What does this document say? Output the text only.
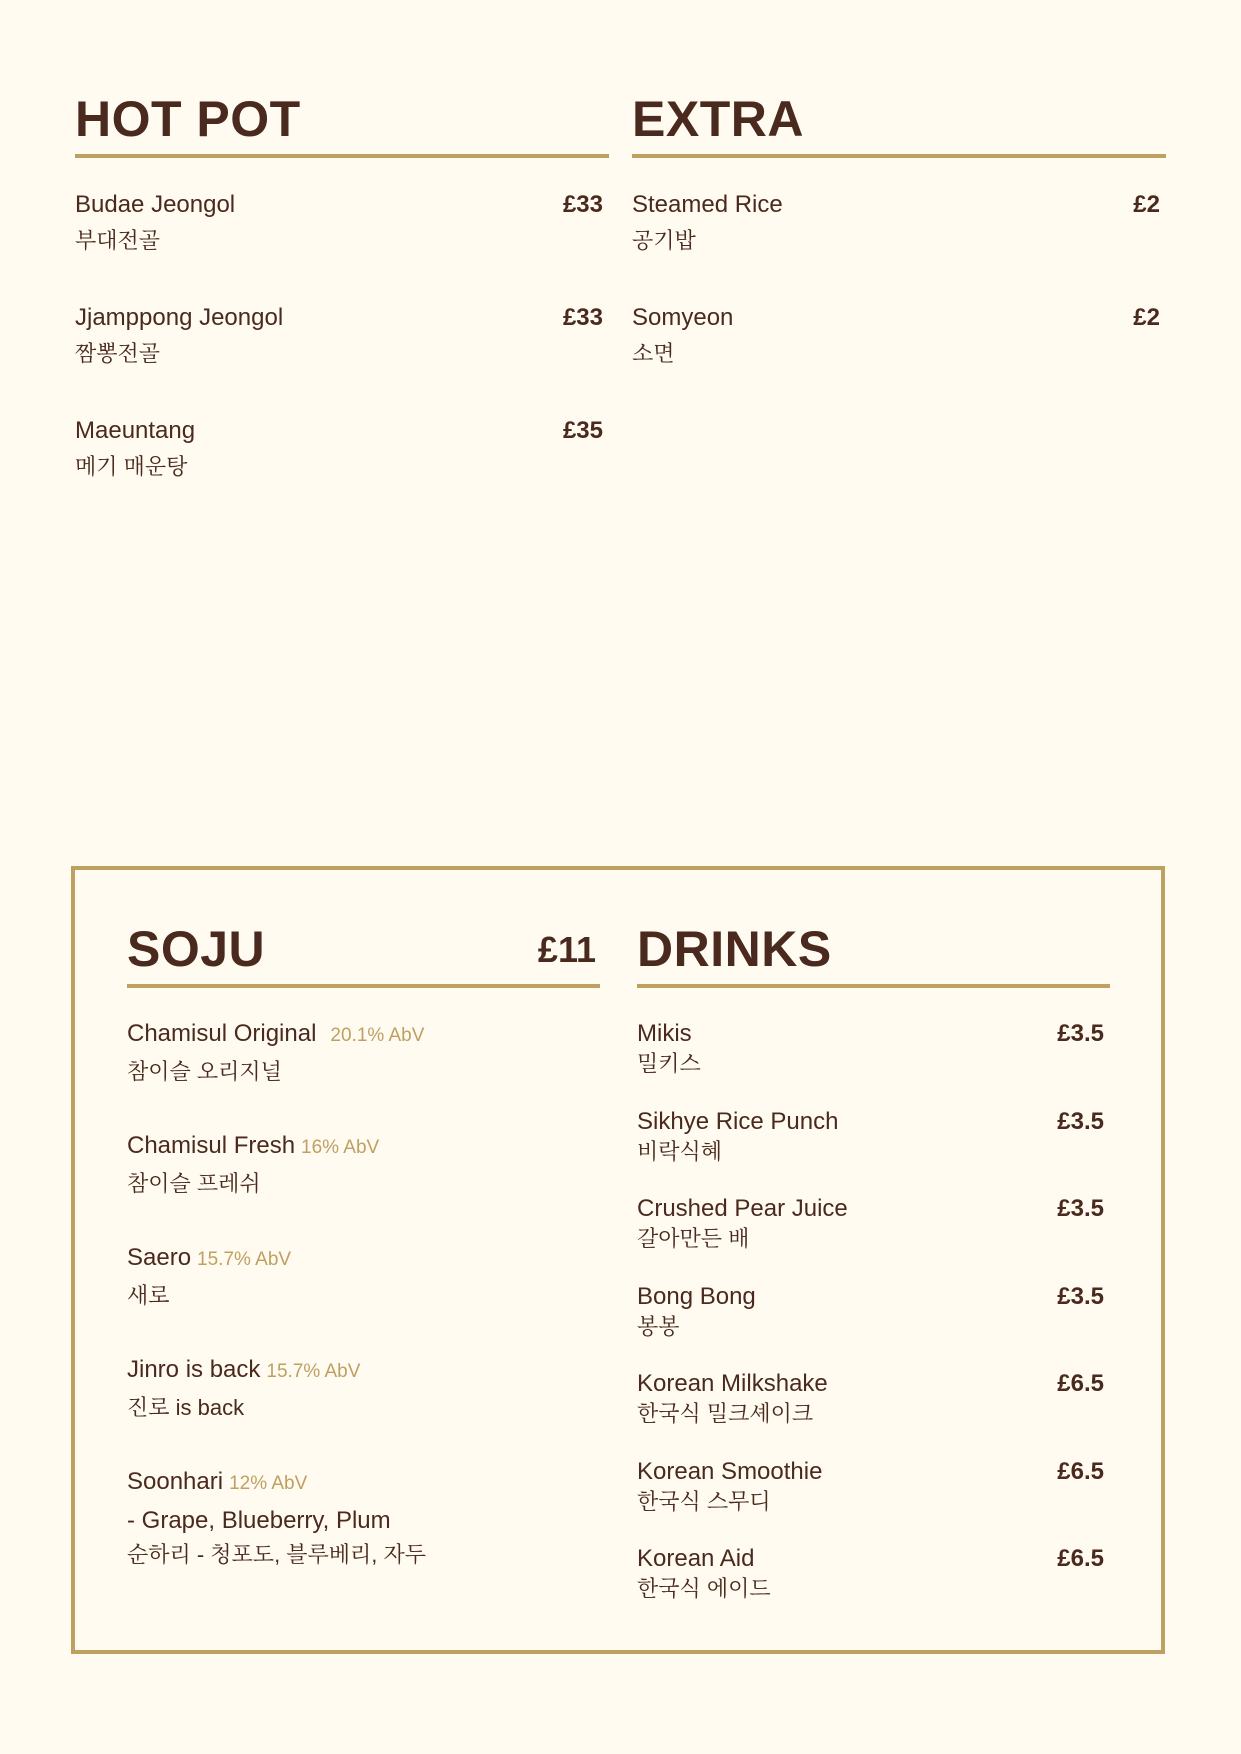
HOT POT
Budae Jeongol
부대전골
£33
Jjamppong Jeongol
짬뽕전골
£33
Maeuntang
메기 매운탕
£35
EXTRA
Steamed Rice
공기밥
£2
Somyeon
소면
£2
SOJU	£11
Chamisul Original 20.1% AbV
참이슬 오리지널
Chamisul Fresh 16% AbV
참이슬 프레쉬
Saero 15.7% AbV
새로
Jinro is back 15.7% AbV
진로 is back
Soonhari 12% AbV
- Grape, Blueberry, Plum
순하리 - 청포도, 블루베리, 자두
DRINKS
Mikis
밀키스
£3.5
Sikhye Rice Punch
비락식혜
£3.5
Crushed Pear Juice
갈아만든 배
£3.5
Bong Bong
봉봉
£3.5
Korean Milkshake
한국식 밀크셰이크
£6.5
Korean Smoothie
한국식 스무디
£6.5
Korean Aid
한국식 에이드
£6.5
